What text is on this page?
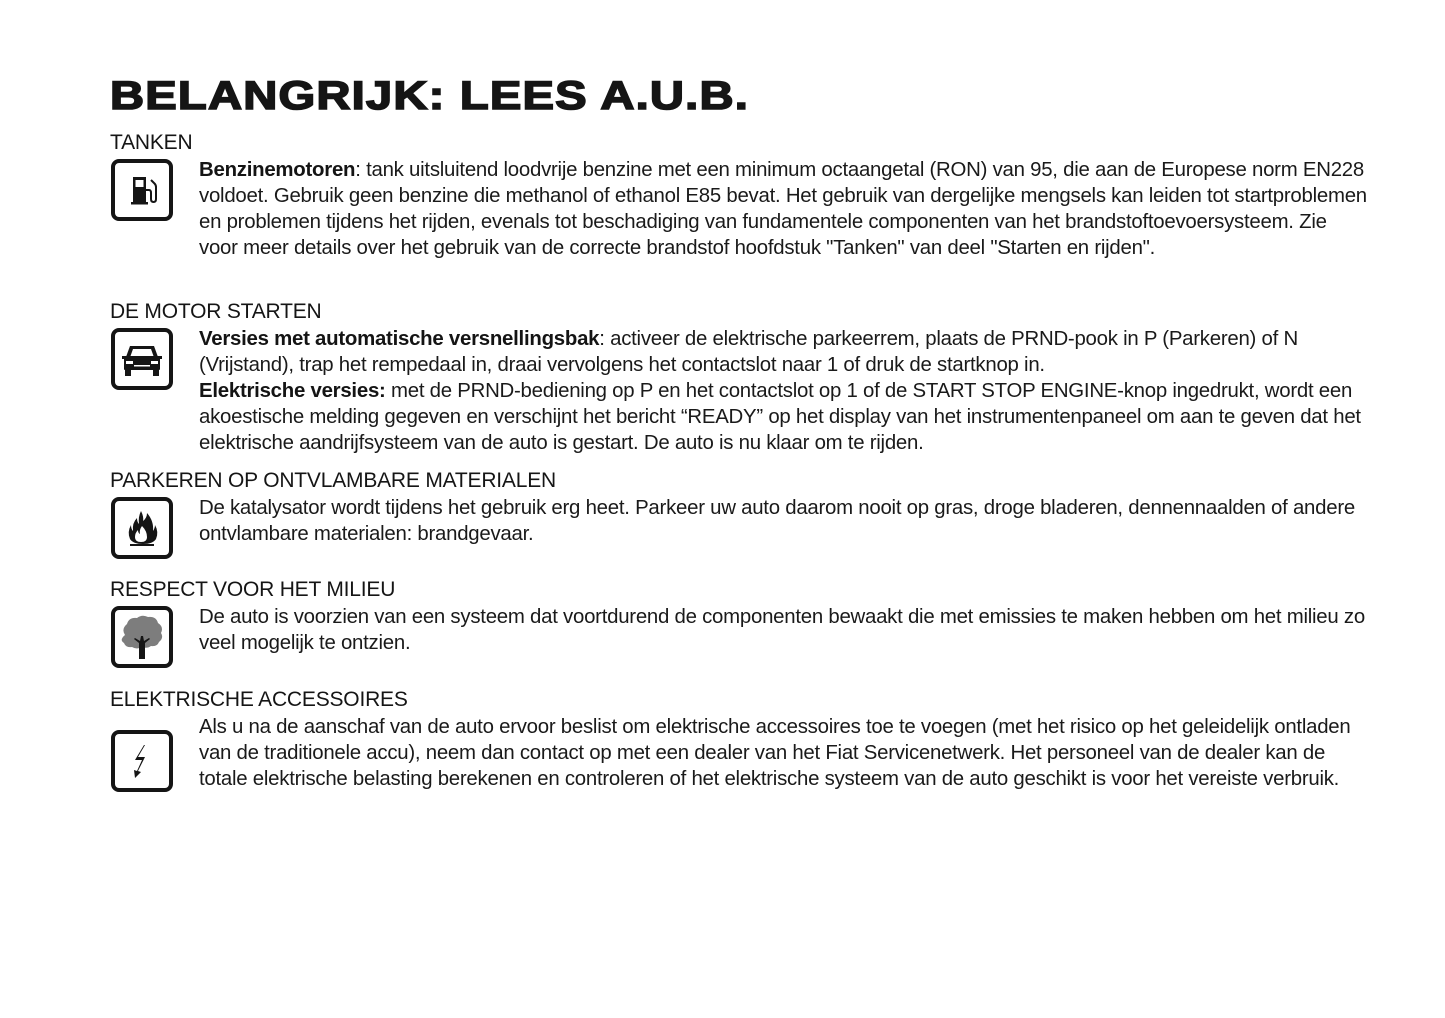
BELANGRIJK: LEES A.U.B.
TANKEN

Benzinemotoren: tank uitsluitend loodvrije benzine met een minimum octaangetal (RON) van 95, die aan de Europese norm EN228 voldoet. Gebruik geen benzine die methanol of ethanol E85 bevat. Het gebruik van dergelijke mengsels kan leiden tot startproblemen en problemen tijdens het rijden, evenals tot beschadiging van fundamentele componenten van het brandstoftoevoersysteem. Zie voor meer details over het gebruik van de correcte brandstof hoofdstuk "Tanken" van deel "Starten en rijden".

DE MOTOR STARTEN

Versies met automatische versnellingsbak: activeer de elektrische parkeerrem, plaats de PRND-pook in P (Parkeren) of N (Vrijstand), trap het rempedaal in, draai vervolgens het contactslot naar 1 of druk de startknop in.

Elektrische versies: met de PRND-bediening op P en het contactslot op 1 of de START STOP ENGINE-knop ingedrukt, wordt een akoestische melding gegeven en verschijnt het bericht “READY” op het display van het instrumentenpaneel om aan te geven dat het elektrische aandrijfsysteem van de auto is gestart. De auto is nu klaar om te rijden.

PARKEREN OP ONTVLAMBARE MATERIALEN

De katalysator wordt tijdens het gebruik erg heet. Parkeer uw auto daarom nooit op gras, droge bladeren, dennennaalden of andere ontvlambare materialen: brandgevaar.

RESPECT VOOR HET MILIEU

De auto is voorzien van een systeem dat voortdurend de componenten bewaakt die met emissies te maken hebben om het milieu zo veel mogelijk te ontzien.

ELEKTRISCHE ACCESSOIRES

Als u na de aanschaf van de auto ervoor beslist om elektrische accessoires toe te voegen (met het risico op het geleidelijk ontladen van de traditionele accu), neem dan contact op met een dealer van het Fiat Servicenetwerk. Het personeel van de dealer kan de totale elektrische belasting berekenen en controleren of het elektrische systeem van de auto geschikt is voor het vereiste verbruik.
